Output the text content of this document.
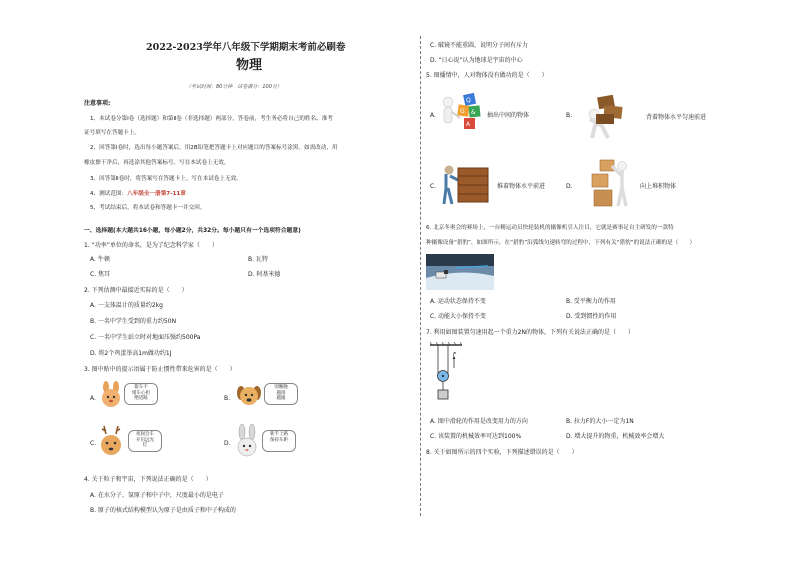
2022-2023学年八年级下学期期末考前必刷卷
物理
（考试时间：80分钟　试卷满分：100分）
注意事项:
1、本试卷分第Ⅰ卷（选择题）和第Ⅱ卷（非选择题）两部分。答卷前，考生务必将自己的姓名、准考
证号填写在答题卡上。
2、回答第Ⅰ卷时，选出每小题答案后，用2B铅笔把答题卡上对应题目的答案标号涂黑。如需改动，用
橡皮擦干净后，再选涂其他答案标号。写在本试卷上无效。
3、回答第Ⅱ卷时，将答案写在答题卡上。写在本试卷上无效。
4、测试范围：八年级全一册第7-11章
5、考试结束后，将本试卷和答题卡一并交回。
一、选择题(本大题共16小题，每小题2分，共32分。每小题只有一个选项符合题意)
1. “功率”单位的命名，是为了纪念科学家（　　）
A. 牛顿	B. 瓦特
C. 焦耳	D. 阿基米德
2. 下列估测中最接近实际的是（　　）
A. 一支体温计的质量约2kg
B. 一名中学生受到的重力约50N
C. 一名中学生站立时对地面压强约500Pa
D. 将2个鸡蛋举高1m做功约1J
3. 图中贴中的提示语属于防止惯性带来危害的是（　　）
A.
猪车不
堵车心担
绝适路	B.
别晚晚
越排
越撞
C.
夜间会车
开启远光
灯	D.
新手上路
保持车距
4. 关于粒子和宇宙，下列说法正确的是（　　）
A. 在水分子、氢原子和中子中，尺度最小的是电子
B. 原子的核式结构模型认为原子是由质子和中子构成的
C. 破镜不能重圆，说明分子间有斥力
D. “日心说”认为地球是宇宙的中心
5. 图播情中，人对物体没有做功的是（　　）
A.
Q
G &
A
抽出中间的物体	B.	背着物体水平匀速前进
C.	推着物体水平前进	D.	向上堆积物体
6. 北京冬奥会的赛场上，一台精运动员快轮装机的摄像机引人注目，它就是赛事足自主研发的一款特
种摄像设备“猎豹”，如图所示。在“猎豹”沿弧线匀速转弯的过程中，下列有关“猎豹”的说法正确的是（　　）
A. 运动状态保持不变	B. 受平衡力的作用
C. 动能大小保持不变	D. 受到惯性的作用
7. 利用如图装置匀速用起一个重力2N的物体，下列有关说法正确的是（　　）
F
A. 图中滑轮的作用是改变用力的方向	B. 拉力F的大小一定为1N
C. 该装置的机械效率可达到100%	D. 增大提升的物重，机械效率会增大
8. 关于如图所示的四个实验，下列描述错误的是（　　）
